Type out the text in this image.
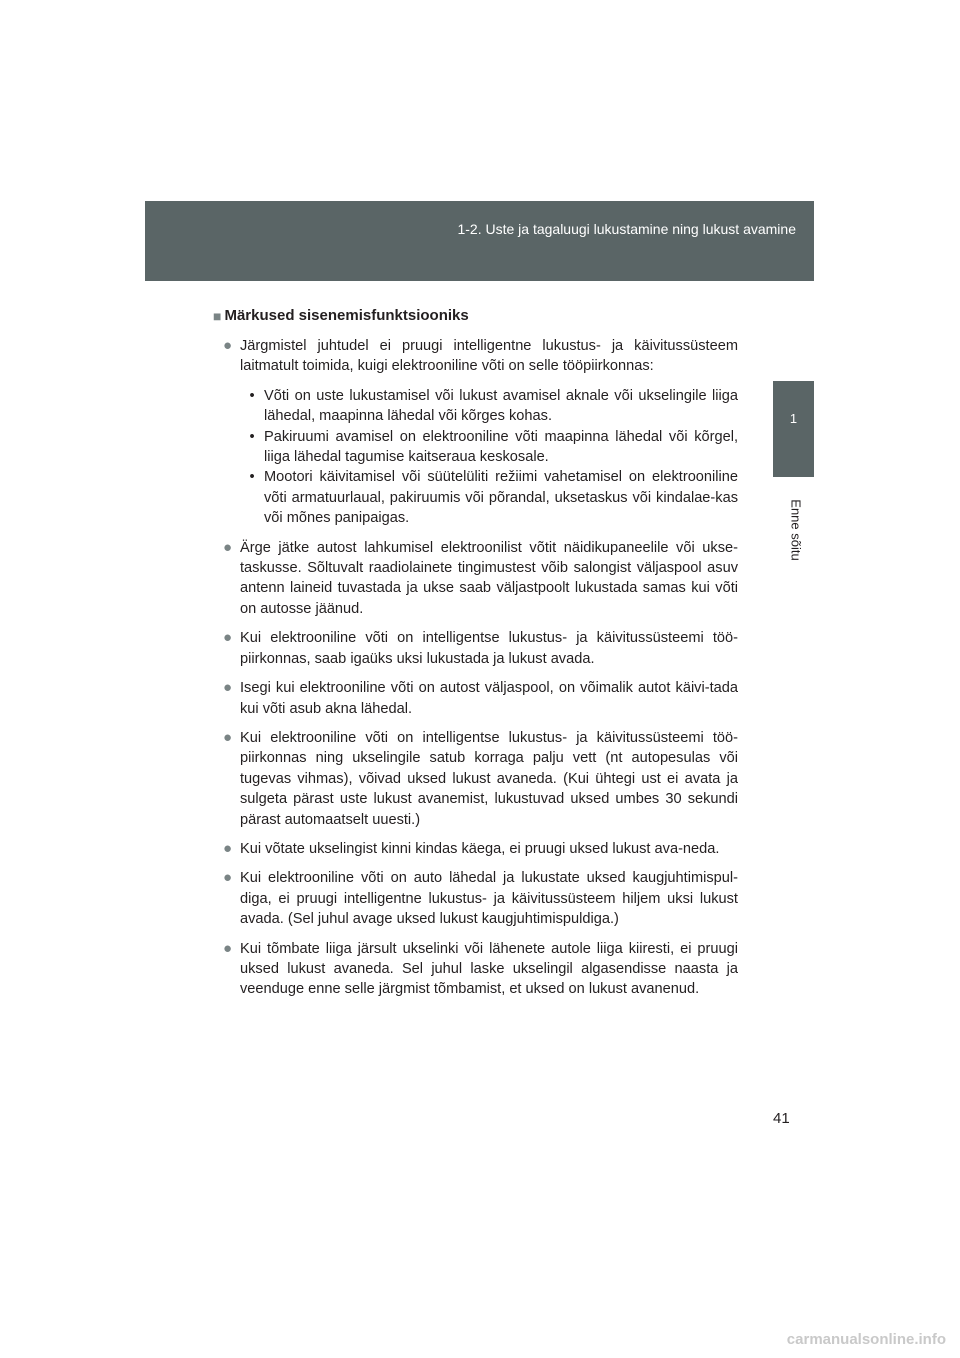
1-2. Uste ja tagaluugi lukustamine ning lukust avamine
1
Enne sõitu
■ Märkused sisenemisfunktsiooniks
● Järgmistel juhtudel ei pruugi intelligentne lukustus- ja käivitussüsteem laitmatult toimida, kuigi elektrooniline võti on selle tööpiirkonnas:
• Võti on uste lukustamisel või lukust avamisel aknale või ukselingile liiga lähedal, maapinna lähedal või kõrges kohas.
• Pakiruumi avamisel on elektrooniline võti maapinna lähedal või kõrgel, liiga lähedal tagumise kaitseraua keskosale.
• Mootori käivitamisel või süütelüliti režiimi vahetamisel on elektrooniline võti armatuurlaual, pakiruumis või põrandal, uksetaskus või kindalae-kas või mõnes panipaigas.
● Ärge jätke autost lahkumisel elektroonilist võtit näidikupaneelile või ukse-taskusse. Sõltuvalt raadiolainete tingimustest võib salongist väljaspool asuv antenn laineid tuvastada ja ukse saab väljastpoolt lukustada samas kui võti on autosse jäänud.
● Kui elektrooniline võti on intelligentse lukustus- ja käivitussüsteemi töö-piirkonnas, saab igaüks uksi lukustada ja lukust avada.
● Isegi kui elektrooniline võti on autost väljaspool, on võimalik autot käivi-tada kui võti asub akna lähedal.
● Kui elektrooniline võti on intelligentse lukustus- ja käivitussüsteemi töö-piirkonnas ning ukselingile satub korraga palju vett (nt autopesulas või tugevas vihmas), võivad uksed lukust avaneda. (Kui ühtegi ust ei avata ja sulgeta pärast uste lukust avanemist, lukustuvad uksed umbes 30 sekundi pärast automaatselt uuesti.)
● Kui võtate ukselingist kinni kindas käega, ei pruugi uksed lukust ava-neda.
● Kui elektrooniline võti on auto lähedal ja lukustate uksed kaugjuhtimispul-diga, ei pruugi intelligentne lukustus- ja käivitussüsteem hiljem uksi lukust avada. (Sel juhul avage uksed lukust kaugjuhtimispuldiga.)
● Kui tõmbate liiga järsult ukselinki või lähenete autole liiga kiiresti, ei pruugi uksed lukust avaneda. Sel juhul laske ukselingil algasendisse naasta ja veenduge enne selle järgmist tõmbamist, et uksed on lukust avanenud.
41
carmanualsonline.info
